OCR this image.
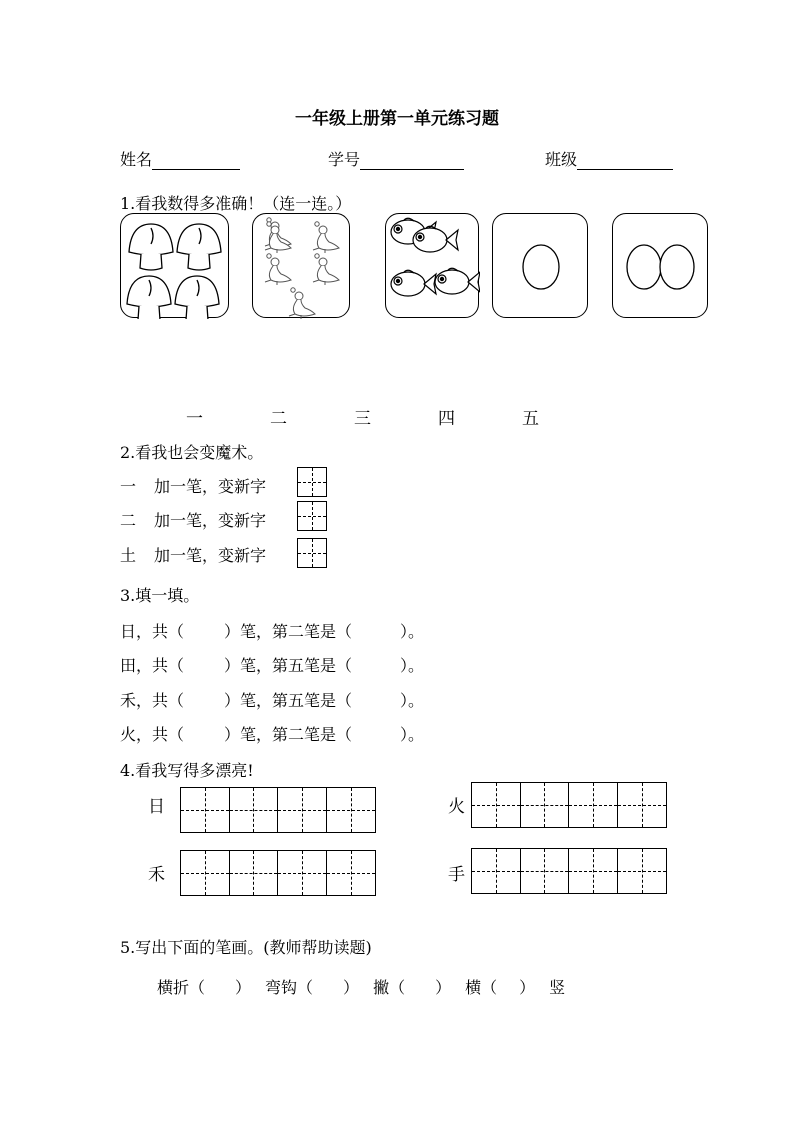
一年级上册第一单元练习题
姓名	学号	班级
1.看我数得多准确！（连一连。）
一	二	三	四	五
2.看我也会变魔术。
一 加一笔，变新字
二 加一笔，变新字
土 加一笔，变新字
3.填一填。
日，共（	）笔，第二笔是（	）。
田，共（	）笔，第五笔是（	）。
禾，共（	）笔，第五笔是（	）。
火，共（	）笔，第二笔是（	）。
4.看我写得多漂亮!
日	火
禾	手
5.写出下面的笔画。(教师帮助读题)
横折（ ） 弯钩（ ） 撇（ ） 横（ ） 竖
